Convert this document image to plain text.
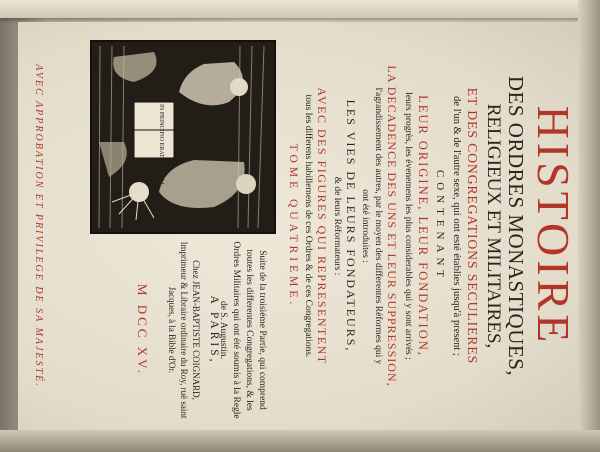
HISTOIRE
DES ORDRES MONASTIQUES,
RELIGIEUX ET MILITAIRES,
ET DES CONGREGATIONS SECULIERES
de l'un & de l'autre sexe, qui ont esté établies jusqu'à present ;
CONTENANT
LEUR ORIGINE, LEUR FONDATION,
leurs progrès, les évenemens les plus considerables qui y sont arrivés ;
LA DECADENCE DES UNS ET LEUR SUPPRESSION,
l'agrandissement des autres, par le moyen des differentes Réformes qui y
ont été introduites :
LES VIES DE LEURS FONDATEURS,
& de leurs Réformateurs :
AVEC DES FIGURES QUI REPRESENTENT
tous les differens habillemens de ces Ordres & de ces Congregations.
TOME QUATRIEME.
IN PRINCIPIO ERAT VERBUM
Suite de la troisiéme Partie, qui comprend toutes les differentes Congregations, & les Ordres Militaires qui ont été soumis à la Regle de S. Augustin.
A PARIS,
Chez JEAN-BAPTISTE COIGNARD, Imprimeur & Libraire ordinaire du Roy, ruë saint Jacques, à la Bible d'Or.
M DCC XV.
AVEC APPROBATION ET PRIVILEGE DE SA MAJESTÉ.
